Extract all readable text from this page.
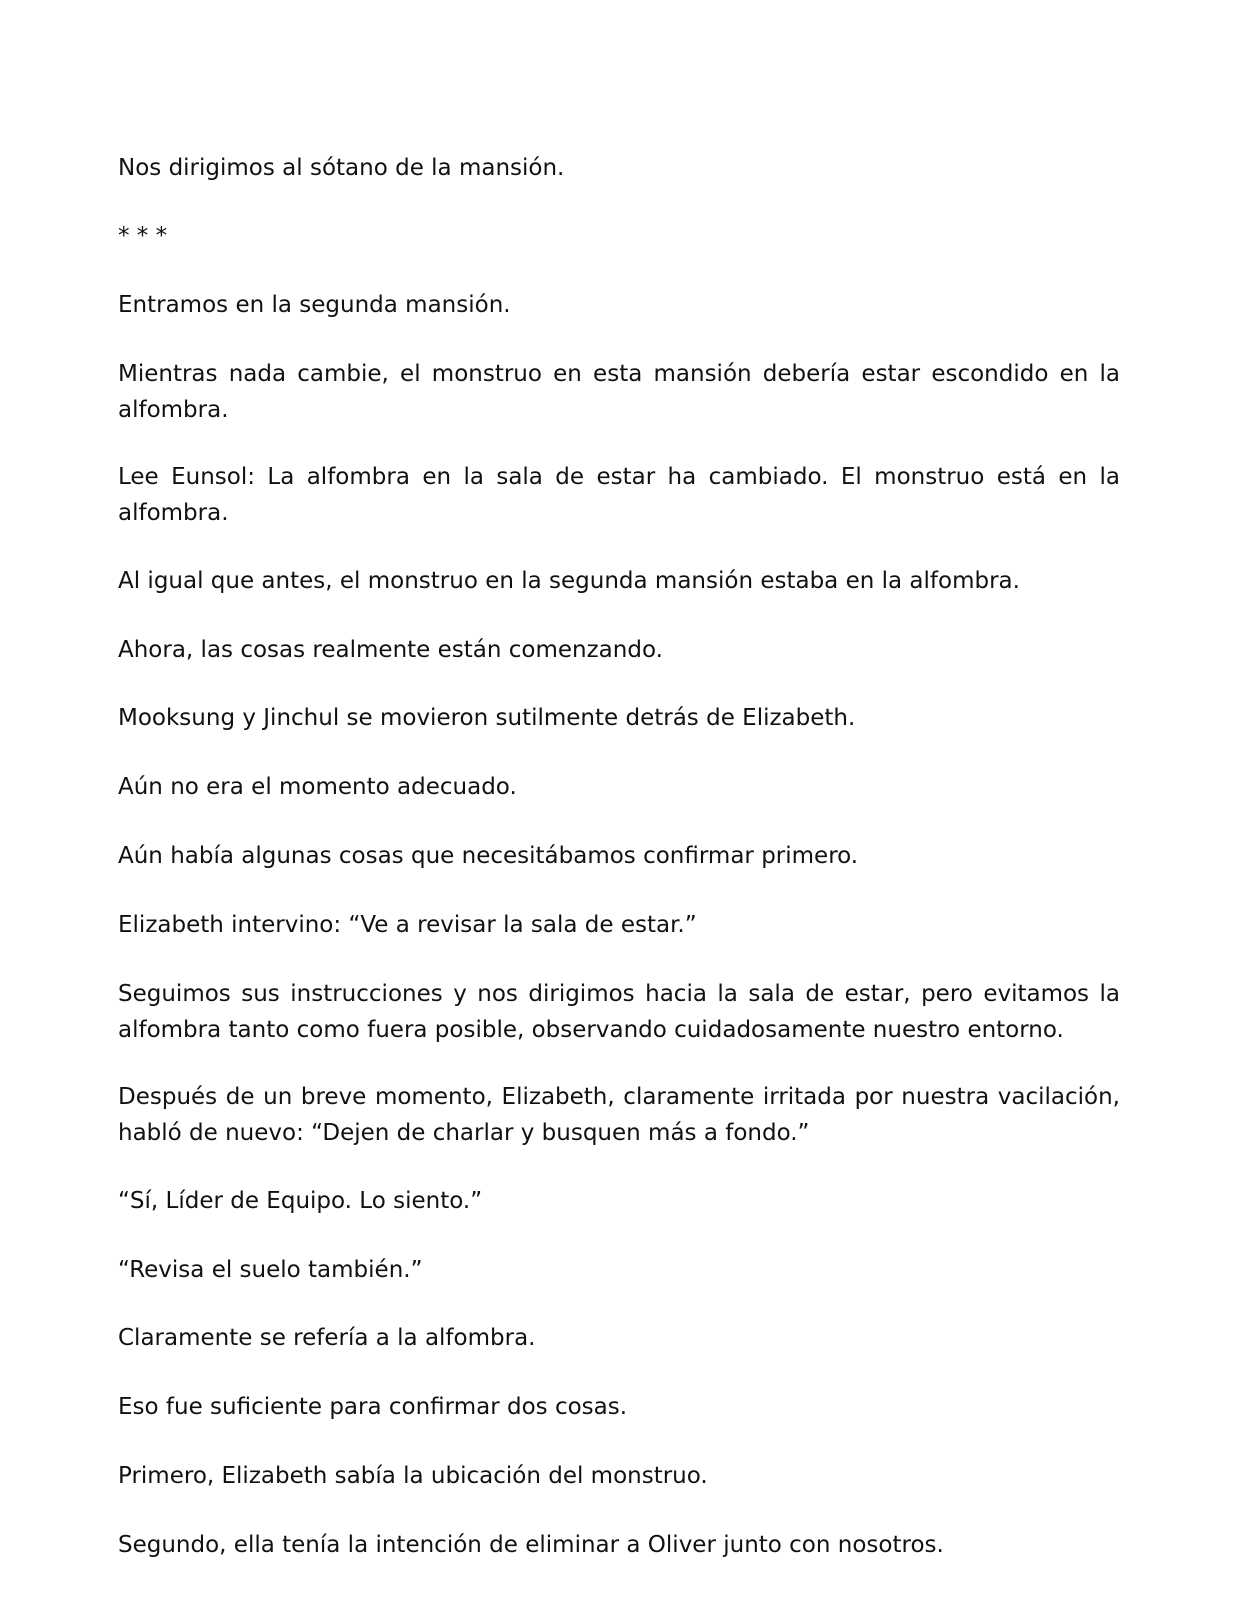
Nos dirigimos al sótano de la mansión.

* * *

Entramos en la segunda mansión.

Mientras nada cambie, el monstruo en esta mansión debería estar escondido en la alfombra.

Lee Eunsol: La alfombra en la sala de estar ha cambiado. El monstruo está en la alfombra.

Al igual que antes, el monstruo en la segunda mansión estaba en la alfombra.

Ahora, las cosas realmente están comenzando.

Mooksung y Jinchul se movieron sutilmente detrás de Elizabeth.

Aún no era el momento adecuado.

Aún había algunas cosas que necesitábamos confirmar primero.

Elizabeth intervino: “Ve a revisar la sala de estar.”

Seguimos sus instrucciones y nos dirigimos hacia la sala de estar, pero evitamos la alfombra tanto como fuera posible, observando cuidadosamente nuestro entorno.

Después de un breve momento, Elizabeth, claramente irritada por nuestra vacilación, habló de nuevo: “Dejen de charlar y busquen más a fondo.”

“Sí, Líder de Equipo. Lo siento.”

“Revisa el suelo también.”

Claramente se refería a la alfombra.

Eso fue suficiente para confirmar dos cosas.

Primero, Elizabeth sabía la ubicación del monstruo.

Segundo, ella tenía la intención de eliminar a Oliver junto con nosotros.
